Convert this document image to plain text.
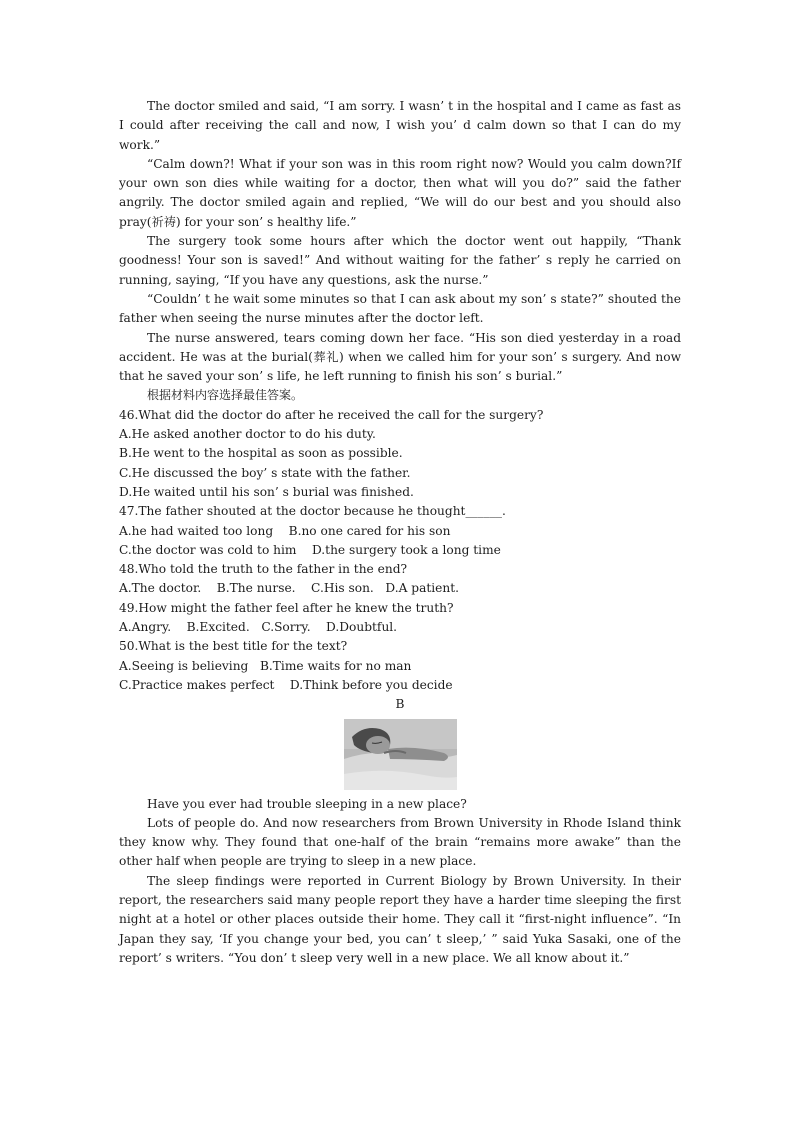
The doctor smiled and said, “I am sorry. I wasn’ t in the hospital and I came as fast as I could after receiving the call and now, I wish you’ d calm down so that I can do my work.”

“Calm down?! What if your son was in this room right now? Would you calm down?If your own son dies while waiting for a doctor, then what will you do?” said the father angrily. The doctor smiled again and replied, “We will do our best and you should also pray(祈祷) for your son’ s healthy life.”

The surgery took some hours after which the doctor went out happily, “Thank goodness! Your son is saved!” And without waiting for the father’ s reply he carried on running, saying, “If you have any questions, ask the nurse.”

“Couldn’ t he wait some minutes so that I can ask about my son’ s state?” shouted the father when seeing the nurse minutes after the doctor left.

The nurse answered, tears coming down her face. “His son died yesterday in a road accident. He was at the burial(葬礼) when we called him for your son’ s surgery. And now that he saved your son’ s life, he left running to finish his son’ s burial.”

根据材料内容选择最佳答案。

46.What did the doctor do after he received the call for the surgery?

A.He asked another doctor to do his duty.

B.He went to the hospital as soon as possible.

C.He discussed the boy’ s state with the father.

D.He waited until his son’ s burial was finished.

47.The father shouted at the doctor because he thought______.

A.he had waited too long    B.no one cared for his son

C.the doctor was cold to him    D.the surgery took a long time

48.Who told the truth to the father in the end?

A.The doctor.    B.The nurse.    C.His son.   D.A patient.

49.How might the father feel after he knew the truth?

A.Angry.    B.Excited.   C.Sorry.    D.Doubtful.

50.What is the best title for the text?

A.Seeing is believing   B.Time waits for no man

C.Practice makes perfect    D.Think before you decide

B

Have you ever had trouble sleeping in a new place?

Lots of people do. And now researchers from Brown University in Rhode Island think they know why. They found that one-half of the brain “remains more awake” than the other half when people are trying to sleep in a new place.

The sleep findings were reported in Current Biology by Brown University. In their report, the researchers said many people report they have a harder time sleeping the first night at a hotel or other places outside their home. They call it “first-night influence”. “In Japan they say, ‘If you change your bed, you can’ t sleep,’ ” said Yuka Sasaki, one of the report’ s writers. “You don’ t sleep very well in a new place. We all know about it.”
